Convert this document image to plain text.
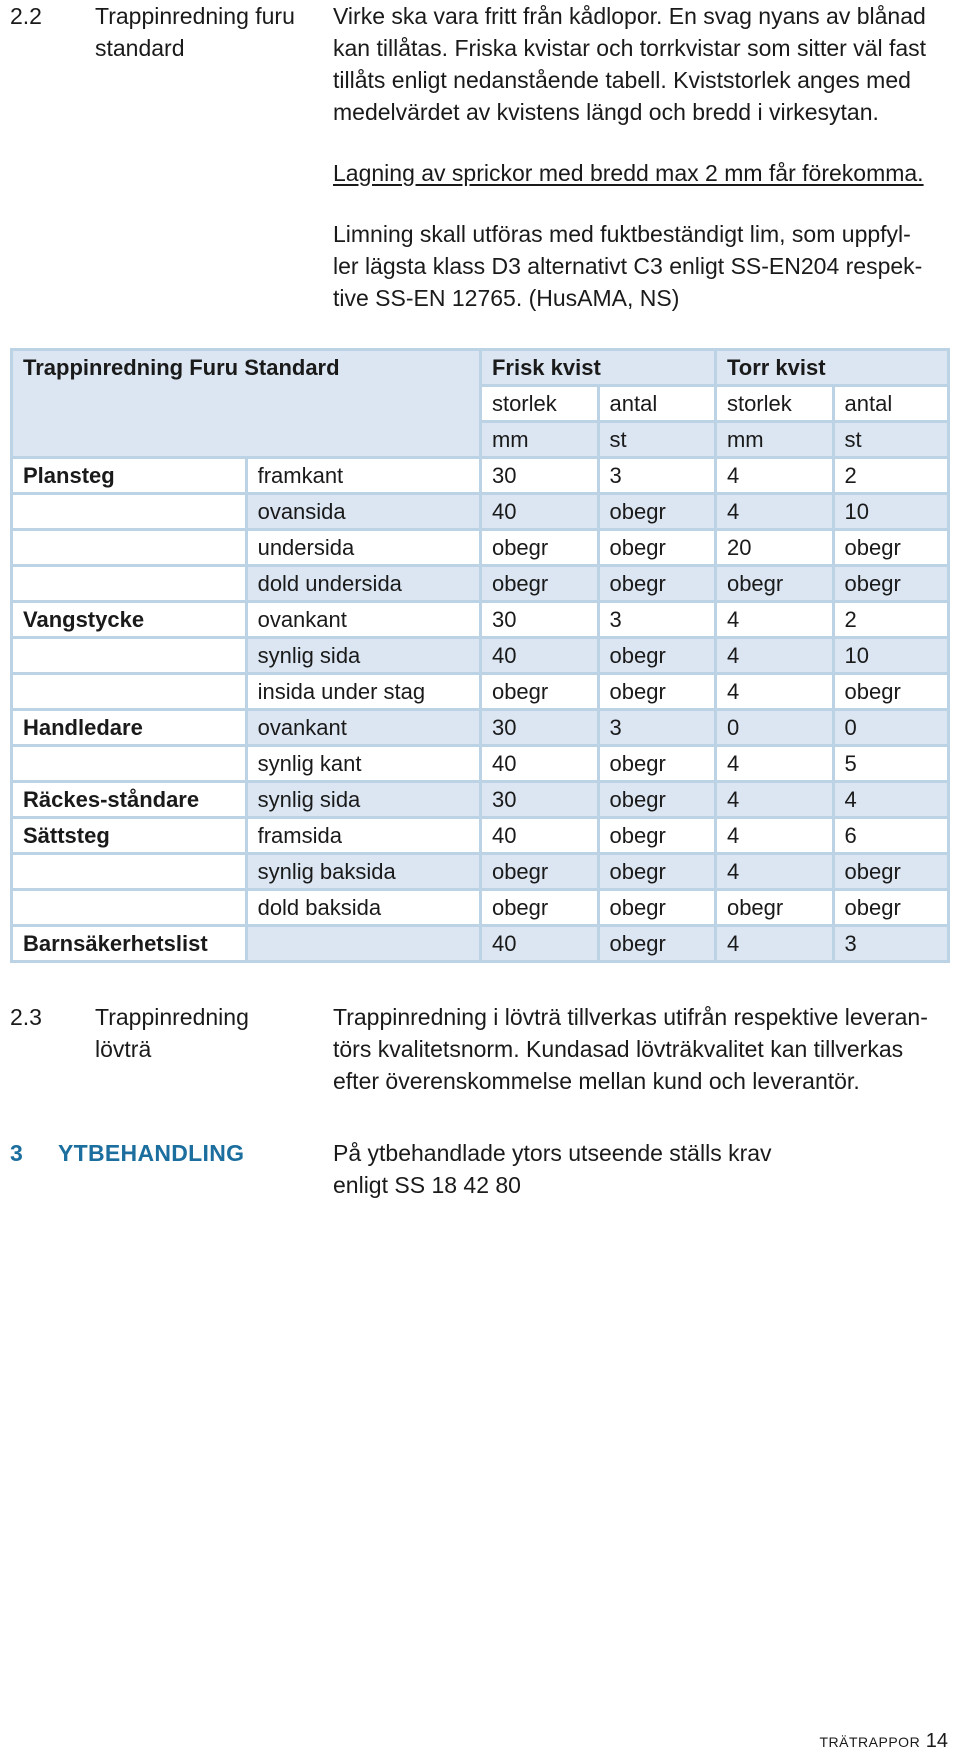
2.2 Trappinredning furu
standard
Virke ska vara fritt från kådlopor. En svag nyans av blånad
kan tillåtas. Friska kvistar och torrkvistar som sitter väl fast
tillåts enligt nedanstående tabell. Kviststorlek anges med
medelvärdet av kvistens längd och bredd i virkesytan.
Lagning av sprickor med bredd max 2 mm får förekomma.
Limning skall utföras med fuktbeständigt lim, som uppfyl-
ler lägsta klass D3 alternativt C3 enligt SS-EN204 respek-
tive SS-EN 12765. (HusAMA, NS)
Trappinredning Furu Standard		Frisk kvist		Torr kvist	
		storlek	antal	storlek	antal
		mm	st	mm	st
Plansteg	framkant	30	3	4	2
	ovansida	40	obegr	4	10
	undersida	obegr	obegr	20	obegr
	dold undersida	obegr	obegr	obegr	obegr
Vangstycke	ovankant	30	3	4	2
	synlig sida	40	obegr	4	10
	insida under stag	obegr	obegr	4	obegr
Handledare	ovankant	30	3	0	0
	synlig kant	40	obegr	4	5
Räckes-ståndare	synlig sida	30	obegr	4	4
Sättsteg	framsida	40	obegr	4	6
	synlig baksida	obegr	obegr	4	obegr
	dold baksida	obegr	obegr	obegr	obegr
Barnsäkerhetslist		40	obegr	4	3
2.3 Trappinredning
lövträ
Trappinredning i lövträ tillverkas utifrån respektive leveran-
törs kvalitetsnorm. Kundasad lövträkvalitet kan tillverkas
efter överenskommelse mellan kund och leverantör.
3 YTBEHANDLING	På ytbehandlade ytors utseende ställs krav
enligt SS 18 42 80
TRÄTRAPPOR 14
